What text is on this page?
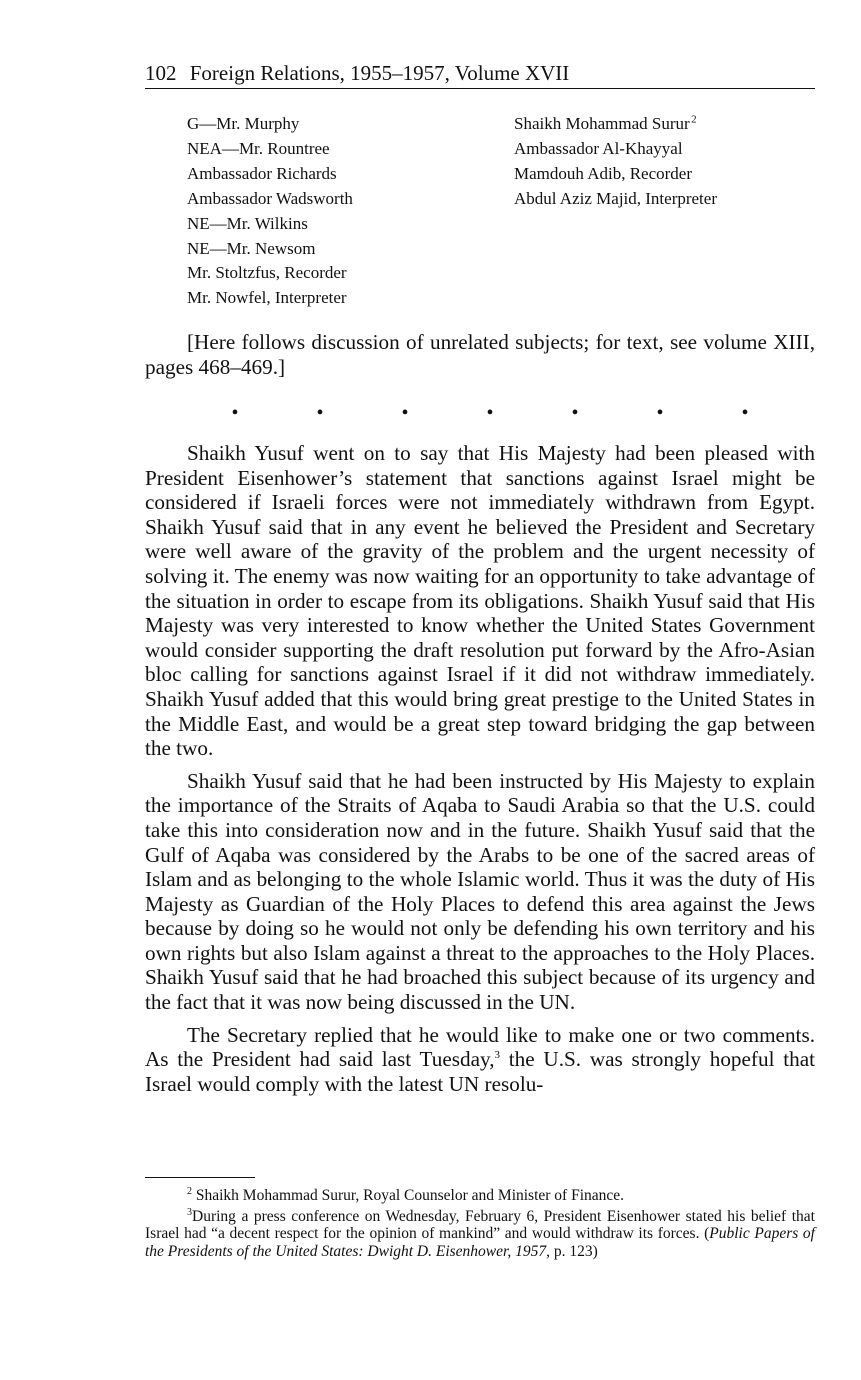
102 Foreign Relations, 1955–1957, Volume XVII
G—Mr. Murphy
NEA—Mr. Rountree
Ambassador Richards
Ambassador Wadsworth
NE—Mr. Wilkins
NE—Mr. Newsom
Mr. Stoltzfus, Recorder
Mr. Nowfel, Interpreter
Shaikh Mohammad Surur $^2$
Ambassador Al-Khayyal
Mamdouh Adib, Recorder
Abdul Aziz Majid, Interpreter
[Here follows discussion of unrelated subjects; for text, see volume XIII, pages 468–469.]
•	•	•	•	•	•	•

Shaikh Yusuf went on to say that His Majesty had been pleased with President Eisenhower’s statement that sanctions against Israel might be considered if Israeli forces were not immediately withdrawn from Egypt. Shaikh Yusuf said that in any event he believed the President and Secretary were well aware of the gravity of the problem and the urgent necessity of solving it. The enemy was now waiting for an opportunity to take advantage of the situation in order to escape from its obligations. Shaikh Yusuf said that His Majesty was very interested to know whether the United States Government would consider supporting the draft resolution put forward by the Afro-Asian bloc calling for sanctions against Israel if it did not withdraw immediately. Shaikh Yusuf added that this would bring great prestige to the United States in the Middle East, and would be a great step toward bridging the gap between the two.

Shaikh Yusuf said that he had been instructed by His Majesty to explain the importance of the Straits of Aqaba to Saudi Arabia so that the U.S. could take this into consideration now and in the future. Shaikh Yusuf said that the Gulf of Aqaba was considered by the Arabs to be one of the sacred areas of Islam and as belonging to the whole Islamic world. Thus it was the duty of His Majesty as Guardian of the Holy Places to defend this area against the Jews because by doing so he would not only be defending his own territory and his own rights but also Islam against a threat to the approaches to the Holy Places. Shaikh Yusuf said that he had broached this subject because of its urgency and the fact that it was now being discussed in the UN.

The Secretary replied that he would like to make one or two comments. As the President had said last Tuesday,$^3$ the U.S. was strongly hopeful that Israel would comply with the latest UN resolu-

$^2$ Shaikh Mohammad Surur, Royal Counselor and Minister of Finance.

$^3$During a press conference on Wednesday, February 6, President Eisenhower stated his belief that Israel had “a decent respect for the opinion of mankind” and would withdraw its forces. (Public Papers of the Presidents of the United States: Dwight D. Eisenhower, 1957, p. 123)
